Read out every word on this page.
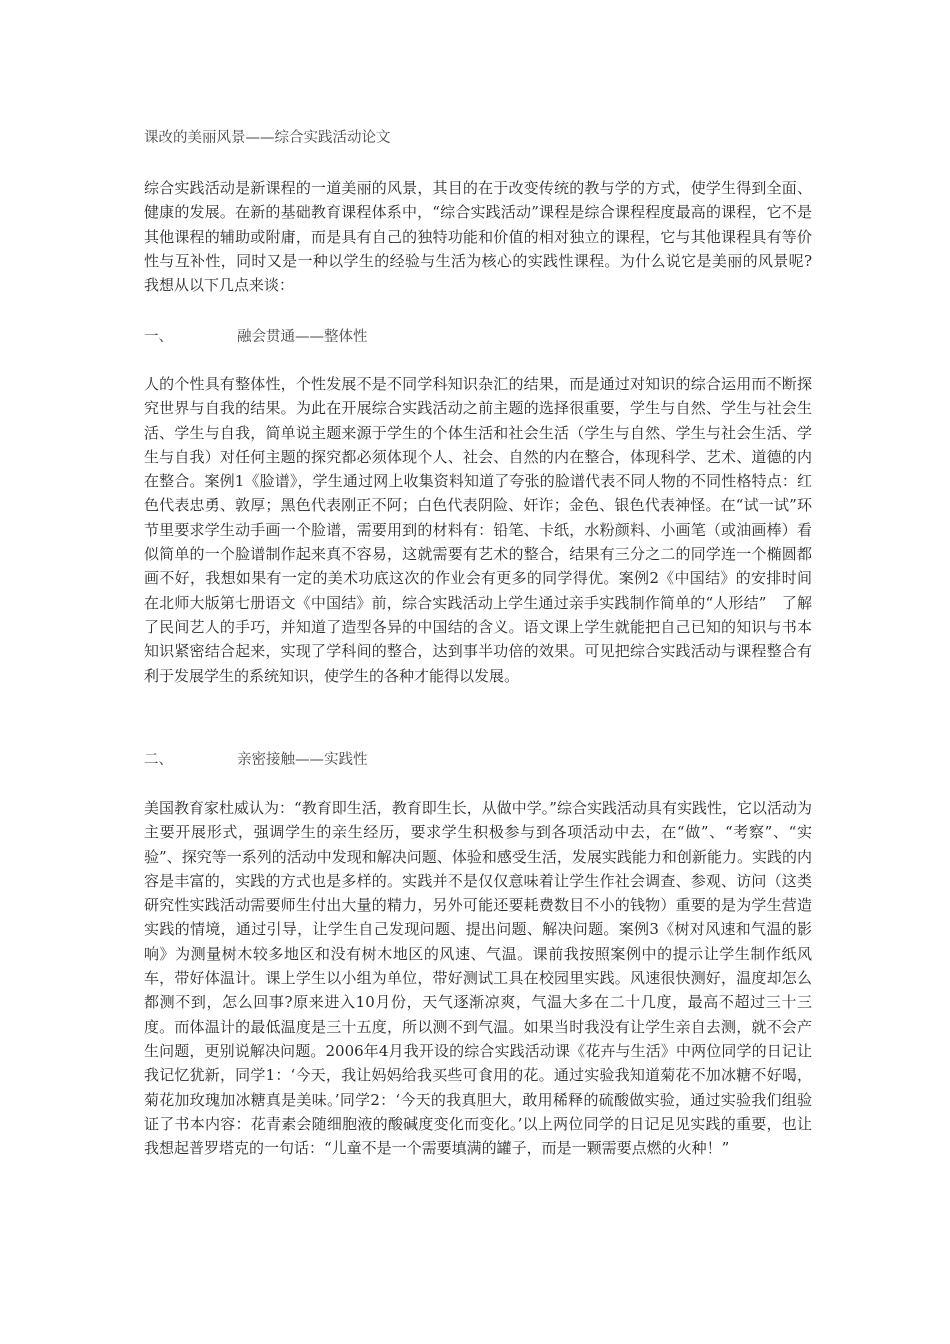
课改的美丽风景——综合实践活动论文
综合实践活动是新课程的一道美丽的风景，其目的在于改变传统的教与学的方式，使学生得到全面、健康的发展。在新的基础教育课程体系中，“综合实践活动”课程是综合课程程度最高的课程，它不是其他课程的辅助或附庸，而是具有自己的独特功能和价值的相对独立的课程，它与其他课程具有等价性与互补性，同时又是一种以学生的经验与生活为核心的实践性课程。为什么说它是美丽的风景呢?我想从以下几点来谈：
一、	融会贯通——整体性
人的个性具有整体性，个性发展不是不同学科知识杂汇的结果，而是通过对知识的综合运用而不断探究世界与自我的结果。为此在开展综合实践活动之前主题的选择很重要，学生与自然、学生与社会生活、学生与自我，简单说主题来源于学生的个体生活和社会生活（学生与自然、学生与社会生活、学生与自我）对任何主题的探究都必须体现个人、社会、自然的内在整合，体现科学、艺术、道德的内在整合。案例1《脸谱》，学生通过网上收集资料知道了夸张的脸谱代表不同人物的不同性格特点：红色代表忠勇、敦厚；黑色代表刚正不阿；白色代表阴险、奸诈；金色、银色代表神怪。在“试一试”环节里要求学生动手画一个脸谱，需要用到的材料有：铅笔、卡纸，水粉颜料、小画笔（或油画棒）看似简单的一个脸谱制作起来真不容易，这就需要有艺术的整合，结果有三分之二的同学连一个椭圆都画不好，我想如果有一定的美术功底这次的作业会有更多的同学得优。案例2《中国结》的安排时间在北师大版第七册语文《中国结》前，综合实践活动上学生通过亲手实践制作简单的“人形结”　了解了民间艺人的手巧，并知道了造型各异的中国结的含义。语文课上学生就能把自己已知的知识与书本知识紧密结合起来，实现了学科间的整合，达到事半功倍的效果。可见把综合实践活动与课程整合有利于发展学生的系统知识，使学生的各种才能得以发展。
二、	亲密接触——实践性
美国教育家杜威认为：“教育即生活，教育即生长，从做中学。”综合实践活动具有实践性，它以活动为主要开展形式，强调学生的亲生经历，要求学生积极参与到各项活动中去，在“做”、“考察”、“实验”、探究等一系列的活动中发现和解决问题、体验和感受生活，发展实践能力和创新能力。实践的内容是丰富的，实践的方式也是多样的。实践并不是仅仅意味着让学生作社会调查、参观、访问（这类研究性实践活动需要师生付出大量的精力，另外可能还要耗费数目不小的钱物）重要的是为学生营造实践的情境，通过引导，让学生自己发现问题、提出问题、解决问题。案例3《树对风速和气温的影响》为测量树木较多地区和没有树木地区的风速、气温。课前我按照案例中的提示让学生制作纸风车，带好体温计。课上学生以小组为单位，带好测试工具在校园里实践。风速很快测好，温度却怎么都测不到，怎么回事?原来进入10月份，天气逐渐凉爽，气温大多在二十几度，最高不超过三十三度。而体温计的最低温度是三十五度，所以测不到气温。如果当时我没有让学生亲自去测，就不会产生问题，更别说解决问题。2006年4月我开设的综合实践活动课《花卉与生活》中两位同学的日记让我记忆犹新，同学1：‘今天，我让妈妈给我买些可食用的花。通过实验我知道菊花不加冰糖不好喝，菊花加玫瑰加冰糖真是美味。’同学2：‘今天的我真胆大，敢用稀释的硫酸做实验，通过实验我们组验证了书本内容：花青素会随细胞液的酸碱度变化而变化。’以上两位同学的日记足见实践的重要，也让我想起普罗塔克的一句话：“儿童不是一个需要填满的罐子，而是一颗需要点燃的火种！”
